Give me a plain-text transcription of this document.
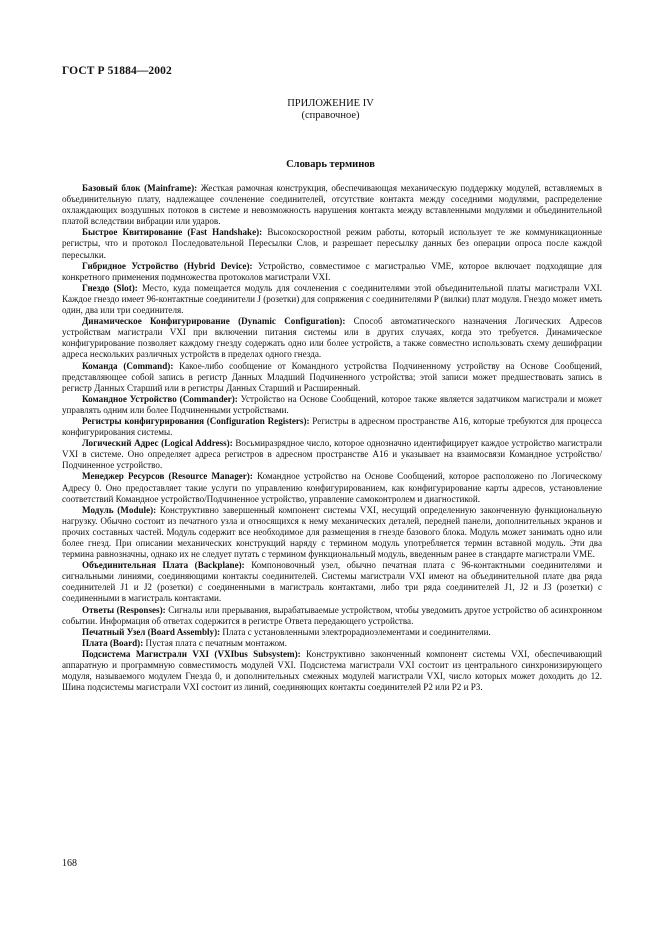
ГОСТ Р 51884—2002
ПРИЛОЖЕНИЕ IV
(справочное)
Словарь терминов

Базовый блок (Mainframe): Жесткая рамочная конструкция, обеспечивающая механическую поддержку модулей, вставляемых в объединительную плату, надлежащее сочленение соединителей, отсутствие контакта между соседними модулями, распределение охлаждающих воздушных потоков в системе и невозможность нарушения контакта между вставленными модулями и объединительной платой вследствии вибрации или ударов.

Быстрое Квитирование (Fast Handshake): Высокоскоростной режим работы, который использует те же коммуникационные регистры, что и протокол Последовательной Пересылки Слов, и разрешает пересылку данных без операции опроса после каждой пересылки.

Гибридное Устройство (Hybrid Device): Устройство, совместимое с магистралью VME, которое включает подходящие для конкретного применения подмножества протоколов магистрали VXI.

Гнездо (Slot): Место, куда помещается модуль для сочленения с соединителями этой объединительной платы магистрали VXI. Каждое гнездо имеет 96-контактные соединители J (розетки) для сопряжения с соединителями P (вилки) плат модуля. Гнездо может иметь один, два или три соединителя.

Динамическое Конфигурирование (Dynamic Configuration): Способ автоматического назначения Логических Адресов устройствам магистрали VXI при включении питания системы или в других случаях, когда это требуется. Динамическое конфигурирование позволяет каждому гнезду содержать одно или более устройств, а также совместно использовать схему дешифрации адреса нескольких различных устройств в пределах одного гнезда.

Команда (Command): Какое-либо сообщение от Командного устройства Подчиненному устройству на Основе Сообщений, представляющее собой запись в регистр Данных Младший Подчиненного устройства; этой записи может предшествовать запись в регистр Данных Старший или в регистры Данных Старший и Расширенный.

Командное Устройство (Commander): Устройство на Основе Сообщений, которое также является задатчиком магистрали и может управлять одним или более Подчиненными устройствами.

Регистры конфигурирования (Configuration Registers): Регистры в адресном пространстве А16, которые требуются для процесса конфигурирования системы.

Логический Адрес (Logical Address): Восьмиразрядное число, которое однозначно идентифицирует каждое устройство магистрали VXI в системе. Оно определяет адреса регистров в адресном пространстве А16 и указывает на взаимосвязи Командное устройство/Подчиненное устройство.

Менеджер Ресурсов (Resource Manager): Командное устройство на Основе Сообщений, которое расположено по Логическому Адресу 0. Оно предоставляет такие услуги по управлению конфигурированием, как конфигурирование карты адресов, установление соответствий Командное устройство/Подчиненное устройство, управление самоконтролем и диагностикой.

Модуль (Module): Конструктивно завершенный компонент системы VXI, несущий определенную законченную функциональную нагрузку. Обычно состоит из печатного узла и относящихся к нему механических деталей, передней панели, дополнительных экранов и прочих составных частей. Модуль содержит все необходимое для размещения в гнезде базового блока. Модуль может занимать одно или более гнезд. При описании механических конструкций наряду с термином модуль употребляется термин вставной модуль. Эти два термина равнозначны, однако их не следует путать с термином функциональный модуль, введенным ранее в стандарте магистрали VME.

Объединительная Плата (Backplane): Компоновочный узел, обычно печатная плата с 96-контактными соединителями и сигнальными линиями, соединяющими контакты соединителей. Системы магистрали VXI имеют на объединительной плате два ряда соединителей J1 и J2 (розетки) с соединенными в магистраль контактами, либо три ряда соединителей J1, J2 и J3 (розетки) с соединенными в магистраль контактами.

Ответы (Responses): Сигналы или прерывания, вырабатываемые устройством, чтобы уведомить другое устройство об асинхронном событии. Информация об ответах содержится в регистре Ответа передающего устройства.

Печатный Узел (Board Assembly): Плата с установленными электрорадиоэлементами и соединителями.

Плата (Board): Пустая плата с печатным монтажом.

Подсистема Магистрали VXI (VXIbus Subsystem): Конструктивно законченный компонент системы VXI, обеспечивающий аппаратную и программную совместимость модулей VXI. Подсистема магистрали VXI состоит из центрального синхронизирующего модуля, называемого модулем Гнезда 0, и дополнительных смежных модулей магистрали VXI, число которых может доходить до 12. Шина подсистемы магистрали VXI состоит из линий, соединяющих контакты соединителей P2 или P2 и P3.

168
